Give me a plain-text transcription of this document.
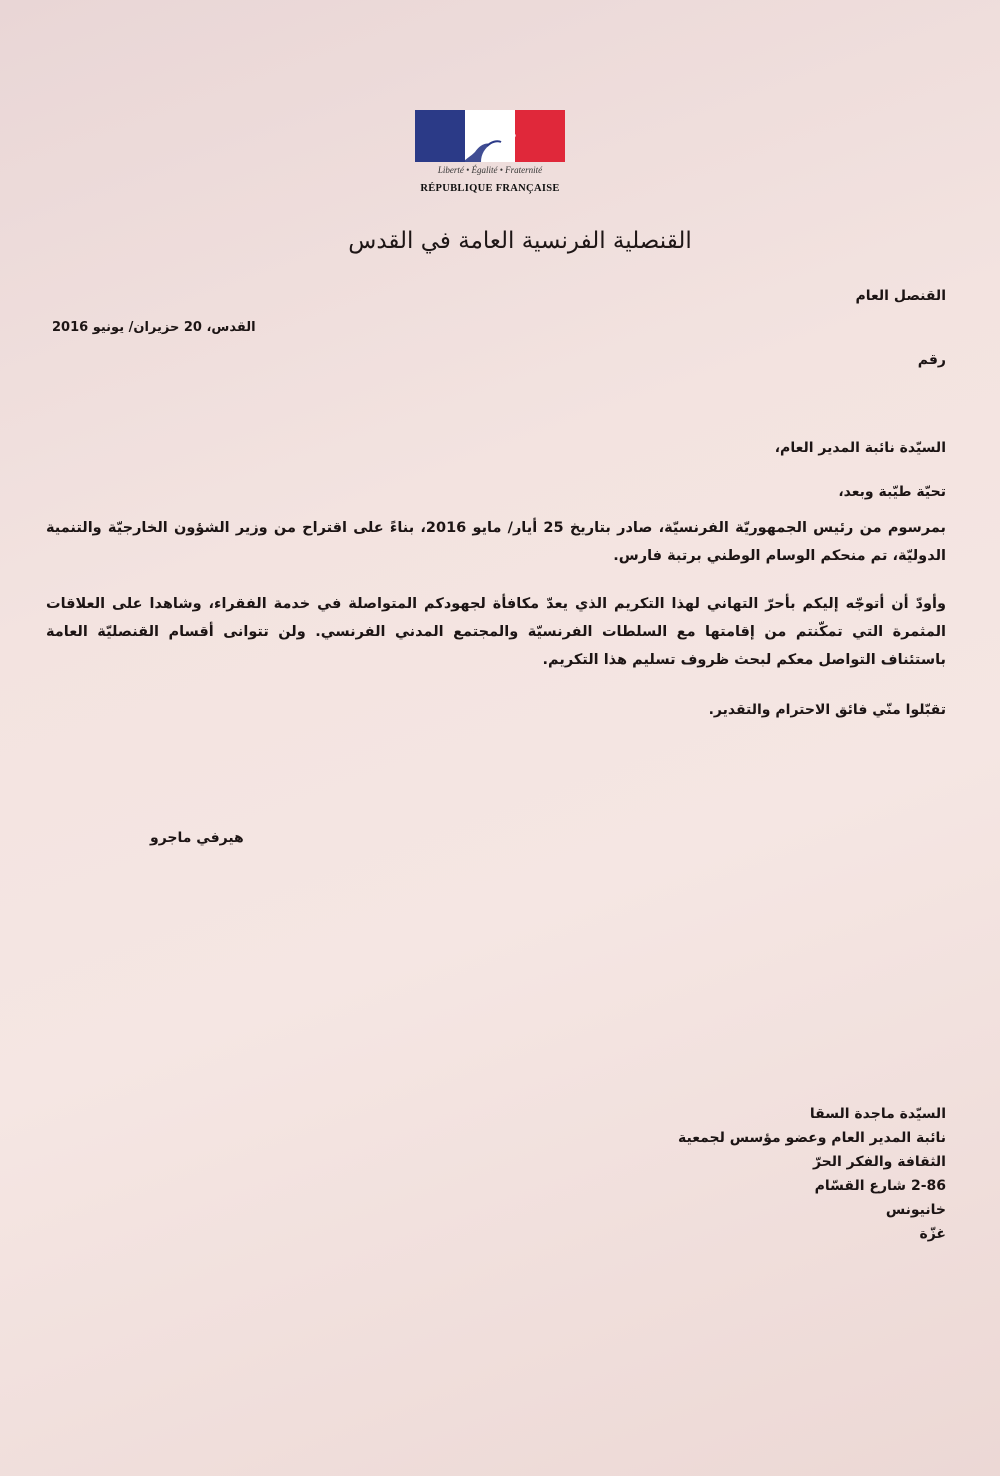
Liberté • Égalité • Fraternité
RÉPUBLIQUE FRANÇAISE
القنصلية الفرنسية العامة في القدس
القنصل العام
القدس، 20 حزيران/ يونيو 2016
رقم
السيّدة نائبة المدير العام،
تحيّة طيّبة وبعد،
بمرسوم من رئيس الجمهوريّة الفرنسيّة، صادر بتاريخ 25 أيار/ مايو 2016، بناءً على اقتراح من وزير الشؤون الخارجيّة والتنمية الدوليّة، تم منحكم الوسام الوطني برتبة فارس.
وأودّ أن أتوجّه إليكم بأحرّ التهاني لهذا التكريم الذي يعدّ مكافأة لجهودكم المتواصلة في خدمة الفقراء، وشاهدا على العلاقات المثمرة التي تمكّنتم من إقامتها مع السلطات الفرنسيّة والمجتمع المدني الفرنسي. ولن تتوانى أقسام القنصليّة العامة باستئناف التواصل معكم لبحث ظروف تسليم هذا التكريم.
تقبّلوا منّي فائق الاحترام والتقدير.
هيرفي ماجرو
السيّدة ماجدة السقا
نائبة المدير العام وعضو مؤسس لجمعية
الثقافة والفكر الحرّ
2-86 شارع القسّام
خانيونس
غزّة
